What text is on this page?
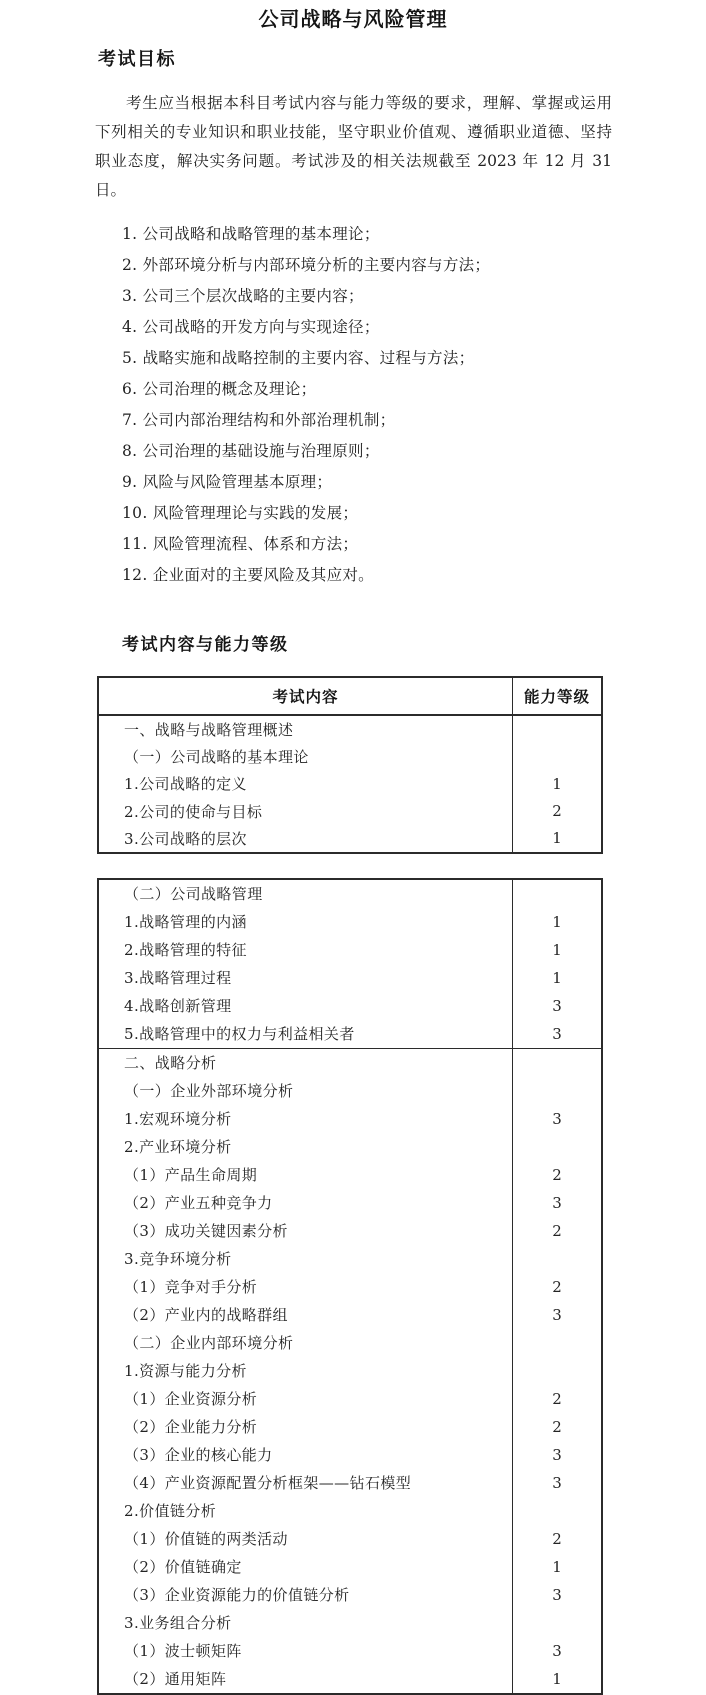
公司战略与风险管理
考试目标
考生应当根据本科目考试内容与能力等级的要求，理解、掌握或运用
下列相关的专业知识和职业技能，坚守职业价值观、遵循职业道德、坚持
职业态度，解决实务问题。考试涉及的相关法规截至 2023 年 12 月 31 日。
1. 公司战略和战略管理的基本理论；
2. 外部环境分析与内部环境分析的主要内容与方法；
3. 公司三个层次战略的主要内容；
4. 公司战略的开发方向与实现途径；
5. 战略实施和战略控制的主要内容、过程与方法；
6. 公司治理的概念及理论；
7. 公司内部治理结构和外部治理机制；
8. 公司治理的基础设施与治理原则；
9. 风险与风险管理基本原理；
10. 风险管理理论与实践的发展；
11. 风险管理流程、体系和方法；
12. 企业面对的主要风险及其应对。
考试内容与能力等级
考试内容	能力等级
一、战略与战略管理概述
（一）公司战略的基本理论
1.公司战略的定义	1
2.公司的使命与目标	2
3.公司战略的层次	1
（二）公司战略管理
1.战略管理的内涵	1
2.战略管理的特征	1
3.战略管理过程	1
4.战略创新管理	3
5.战略管理中的权力与利益相关者	3
二、战略分析
（一）企业外部环境分析
1.宏观环境分析	3
2.产业环境分析
（1）产品生命周期	2
（2）产业五种竞争力	3
（3）成功关键因素分析	2
3.竞争环境分析
（1）竞争对手分析	2
（2）产业内的战略群组	3
（二）企业内部环境分析
1.资源与能力分析
（1）企业资源分析	2
（2）企业能力分析	2
（3）企业的核心能力	3
（4）产业资源配置分析框架——钻石模型	3
2.价值链分析
（1）价值链的两类活动	2
（2）价值链确定	1
（3）企业资源能力的价值链分析	3
3.业务组合分析
（1）波士顿矩阵	3
（2）通用矩阵	1
